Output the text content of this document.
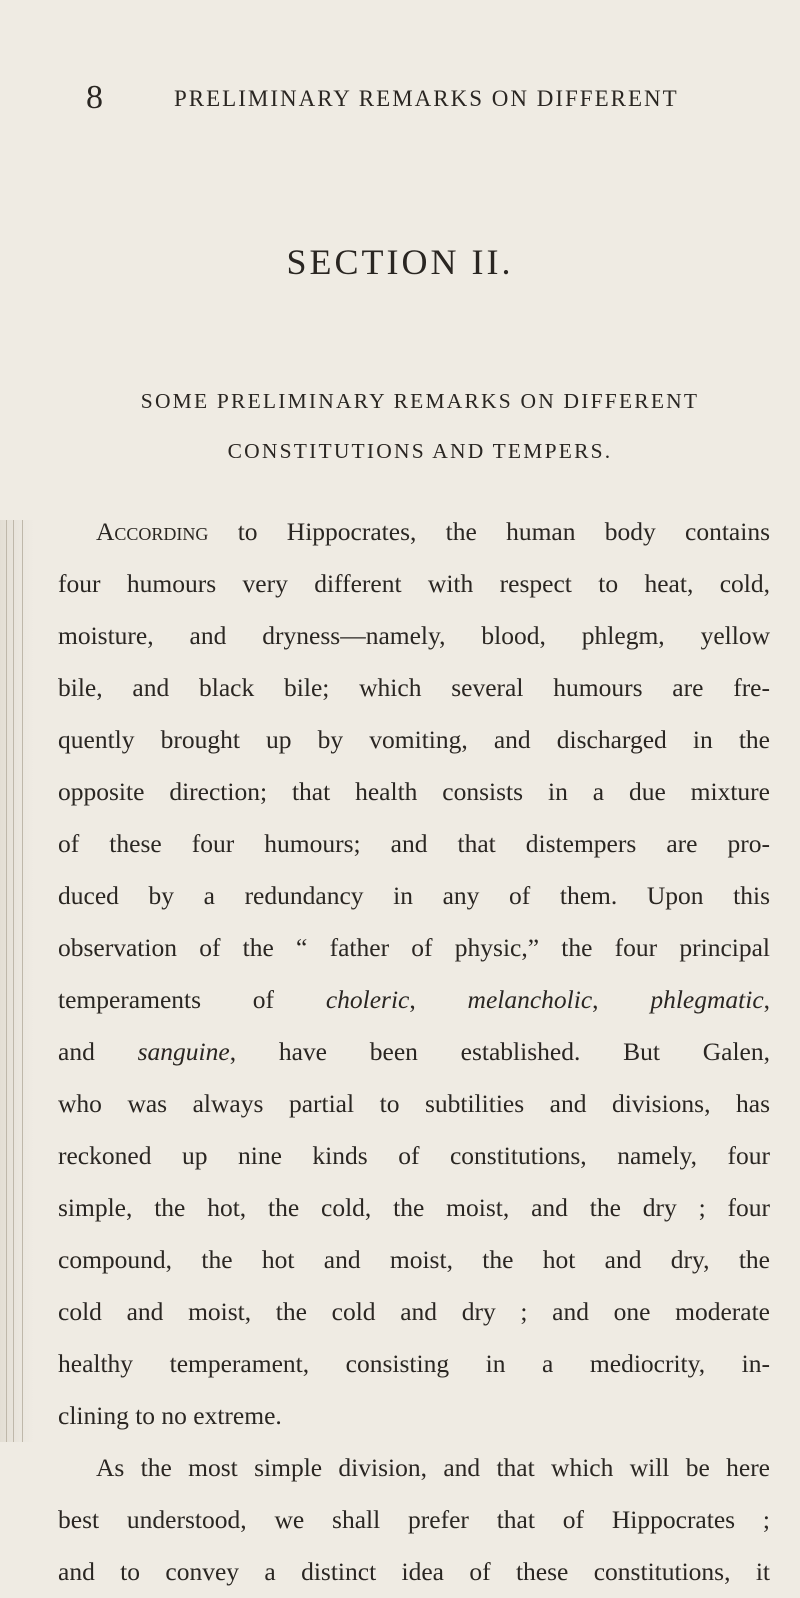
8	PRELIMINARY REMARKS ON DIFFERENT
SECTION II.
SOME PRELIMINARY REMARKS ON DIFFERENT
CONSTITUTIONS AND TEMPERS.
According to Hippocrates, the human body contains
four humours very different with respect to heat, cold,
moisture, and dryness—namely, blood, phlegm, yellow
bile, and black bile; which several humours are fre-
quently brought up by vomiting, and discharged in the
opposite direction; that health consists in a due mixture
of these four humours; and that distempers are pro-
duced by a redundancy in any of them. Upon this
observation of the “ father of physic,” the four principal
temperaments of choleric, melancholic, phlegmatic,
and sanguine, have been established. But Galen,
who was always partial to subtilities and divisions, has
reckoned up nine kinds of constitutions, namely, four
simple, the hot, the cold, the moist, and the dry ; four
compound, the hot and moist, the hot and dry, the
cold and moist, the cold and dry ; and one moderate
healthy temperament, consisting in a mediocrity, in-
clining to no extreme.
As the most simple division, and that which will be here
best understood, we shall prefer that of Hippocrates ;
and to convey a distinct idea of these constitutions, it
